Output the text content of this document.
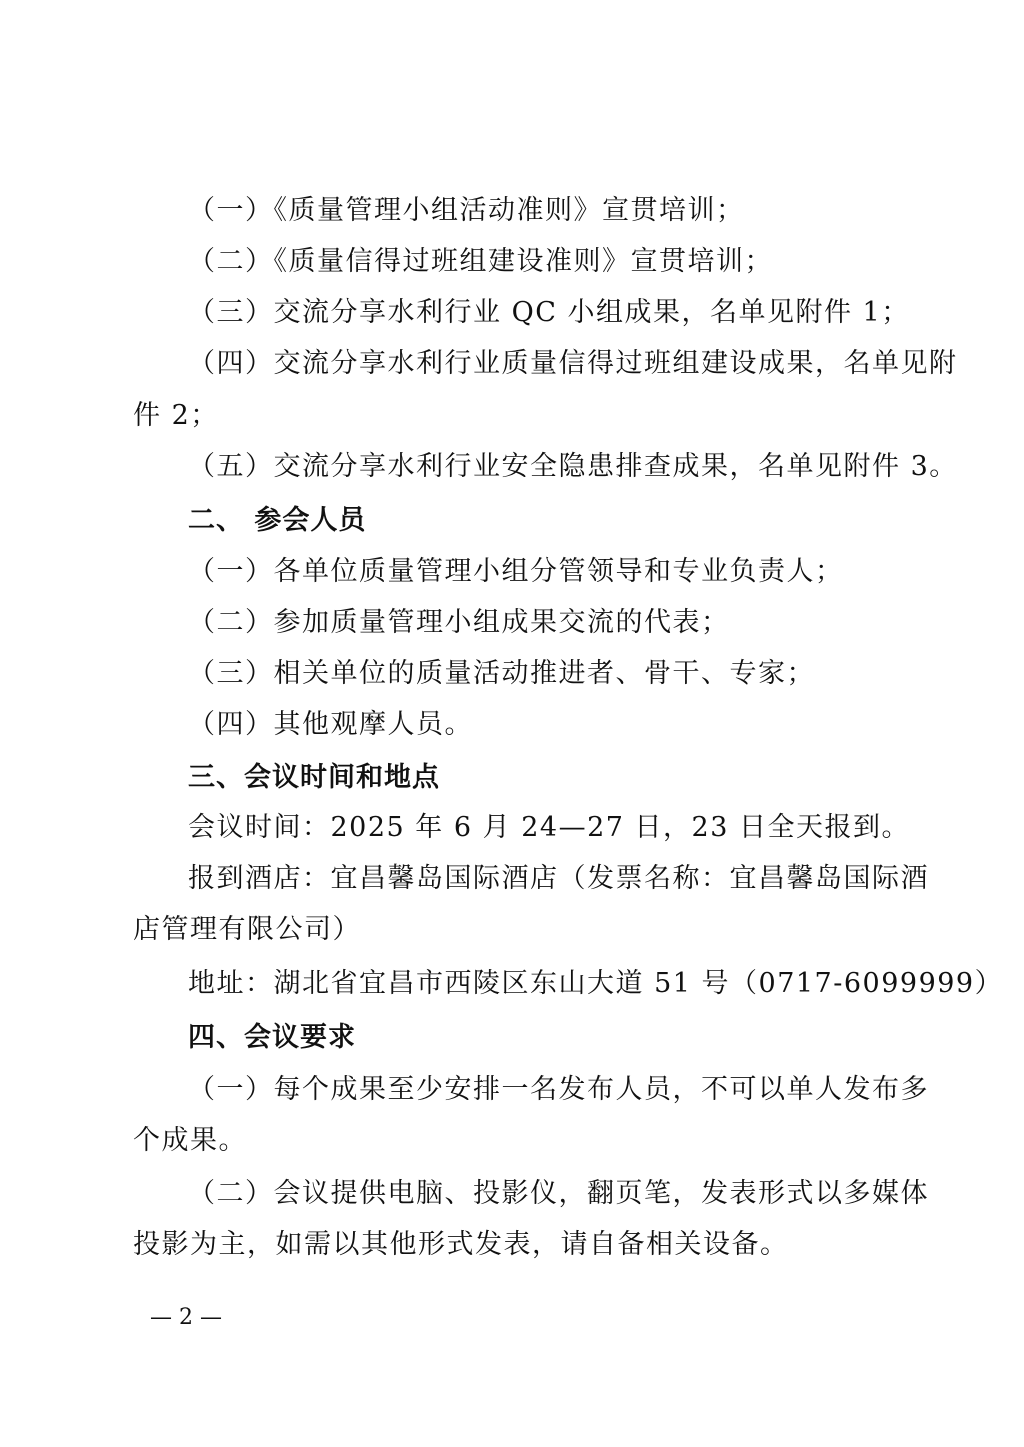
（一）《质量管理小组活动准则》宣贯培训；
（二）《质量信得过班组建设准则》宣贯培训；
（三）交流分享水利行业 QC 小组成果，名单见附件 1；
（四）交流分享水利行业质量信得过班组建设成果，名单见附
件 2；
（五）交流分享水利行业安全隐患排查成果，名单见附件 3。
二、 参会人员
（一）各单位质量管理小组分管领导和专业负责人；
（二）参加质量管理小组成果交流的代表；
（三）相关单位的质量活动推进者、骨干、专家；
（四）其他观摩人员。
三、会议时间和地点
会议时间：2025 年 6 月 24—27 日，23 日全天报到。
报到酒店：宜昌馨岛国际酒店（发票名称：宜昌馨岛国际酒
店管理有限公司）
地址：湖北省宜昌市西陵区东山大道 51 号（0717-6099999）
四、会议要求
（一）每个成果至少安排一名发布人员，不可以单人发布多
个成果。
（二）会议提供电脑、投影仪，翻页笔，发表形式以多媒体
投影为主，如需以其他形式发表，请自备相关设备。
— 2 —
